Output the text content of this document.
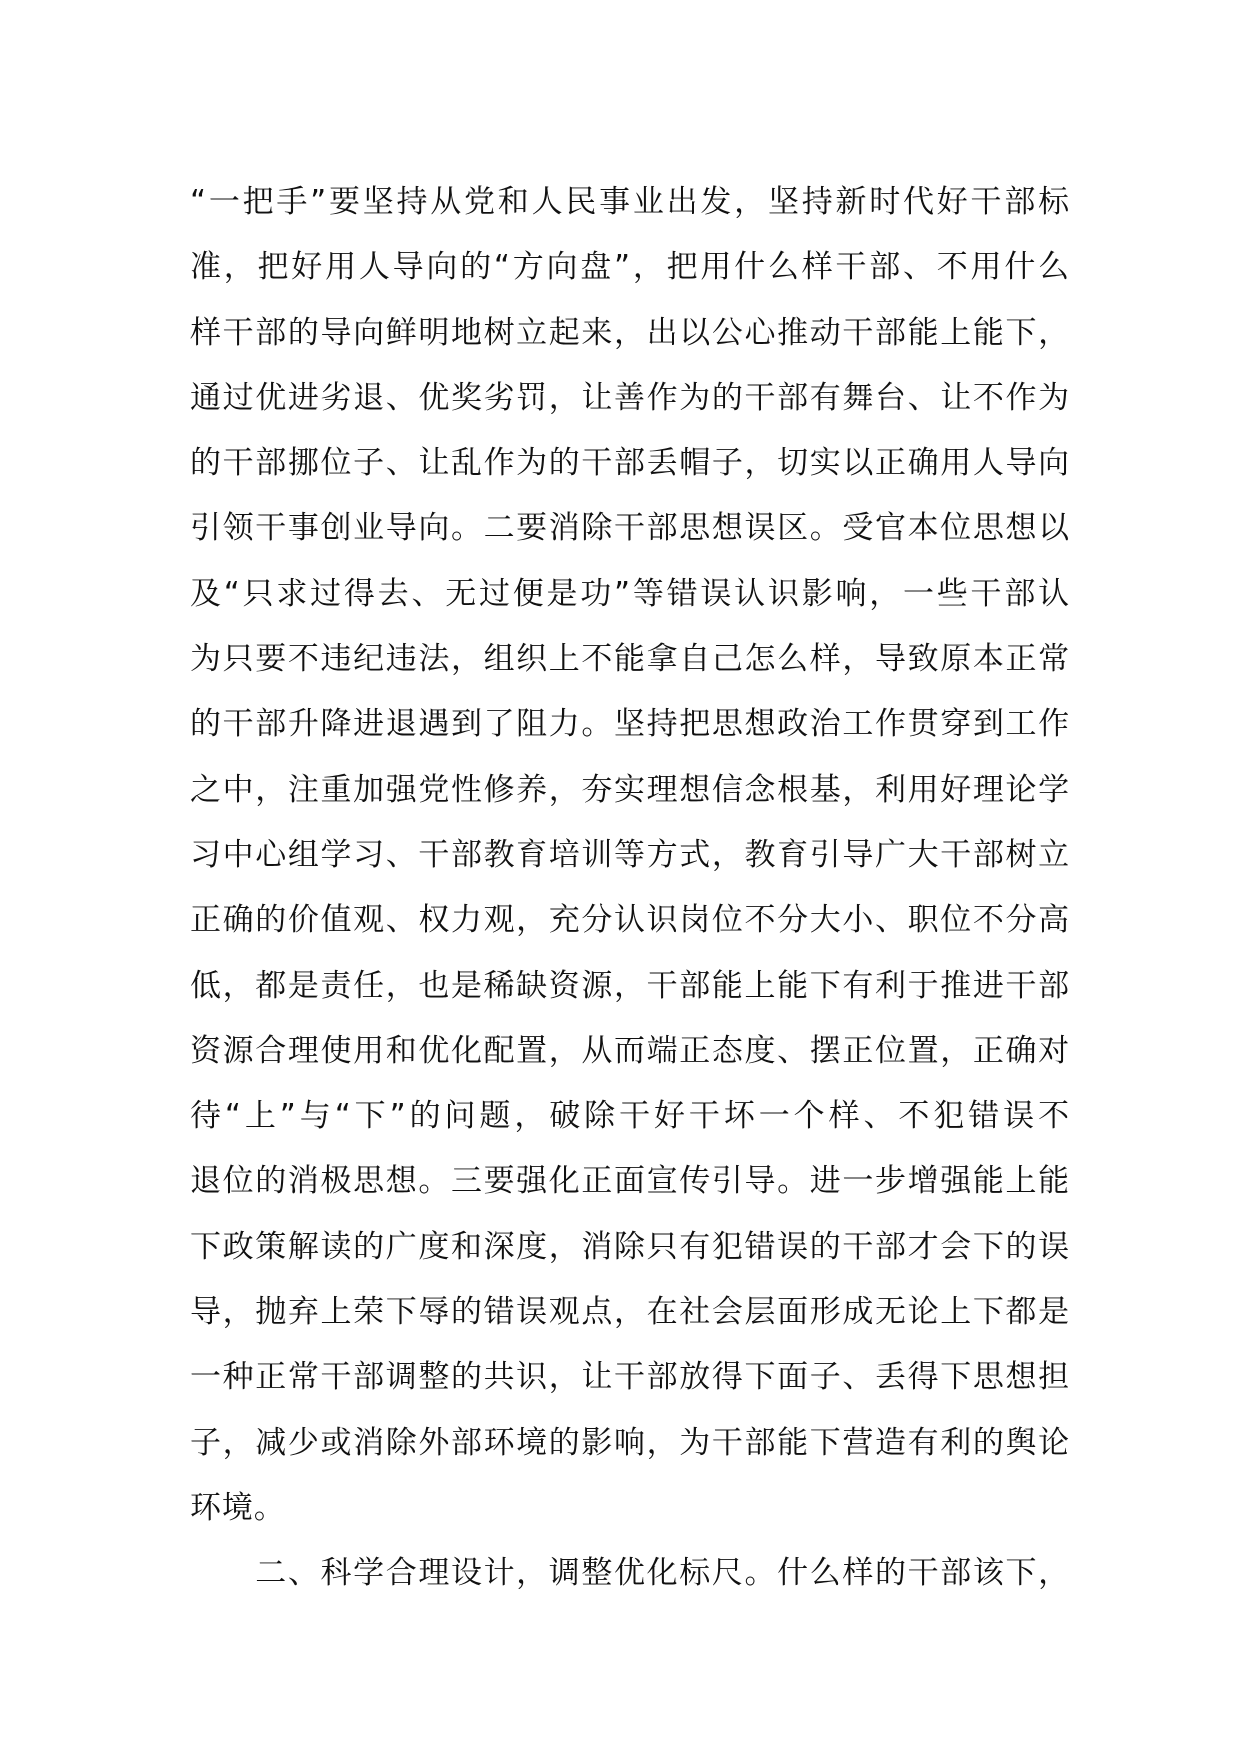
“一把手”要坚持从党和人民事业出发，坚持新时代好干部标
准，把好用人导向的“方向盘”，把用什么样干部、不用什么
样干部的导向鲜明地树立起来，出以公心推动干部能上能下，
通过优进劣退、优奖劣罚，让善作为的干部有舞台、让不作为
的干部挪位子、让乱作为的干部丢帽子，切实以正确用人导向
引领干事创业导向。二要消除干部思想误区。受官本位思想以
及“只求过得去、无过便是功”等错误认识影响，一些干部认
为只要不违纪违法，组织上不能拿自己怎么样，导致原本正常
的干部升降进退遇到了阻力。坚持把思想政治工作贯穿到工作
之中，注重加强党性修养，夯实理想信念根基，利用好理论学
习中心组学习、干部教育培训等方式，教育引导广大干部树立
正确的价值观、权力观，充分认识岗位不分大小、职位不分高
低，都是责任，也是稀缺资源，干部能上能下有利于推进干部
资源合理使用和优化配置，从而端正态度、摆正位置，正确对
待“上”与“下”的问题，破除干好干坏一个样、不犯错误不
退位的消极思想。三要强化正面宣传引导。进一步增强能上能
下政策解读的广度和深度，消除只有犯错误的干部才会下的误
导，抛弃上荣下辱的错误观点，在社会层面形成无论上下都是
一种正常干部调整的共识，让干部放得下面子、丢得下思想担
子，减少或消除外部环境的影响，为干部能下营造有利的舆论
环境。
　　二、科学合理设计，调整优化标尺。什么样的干部该下，
